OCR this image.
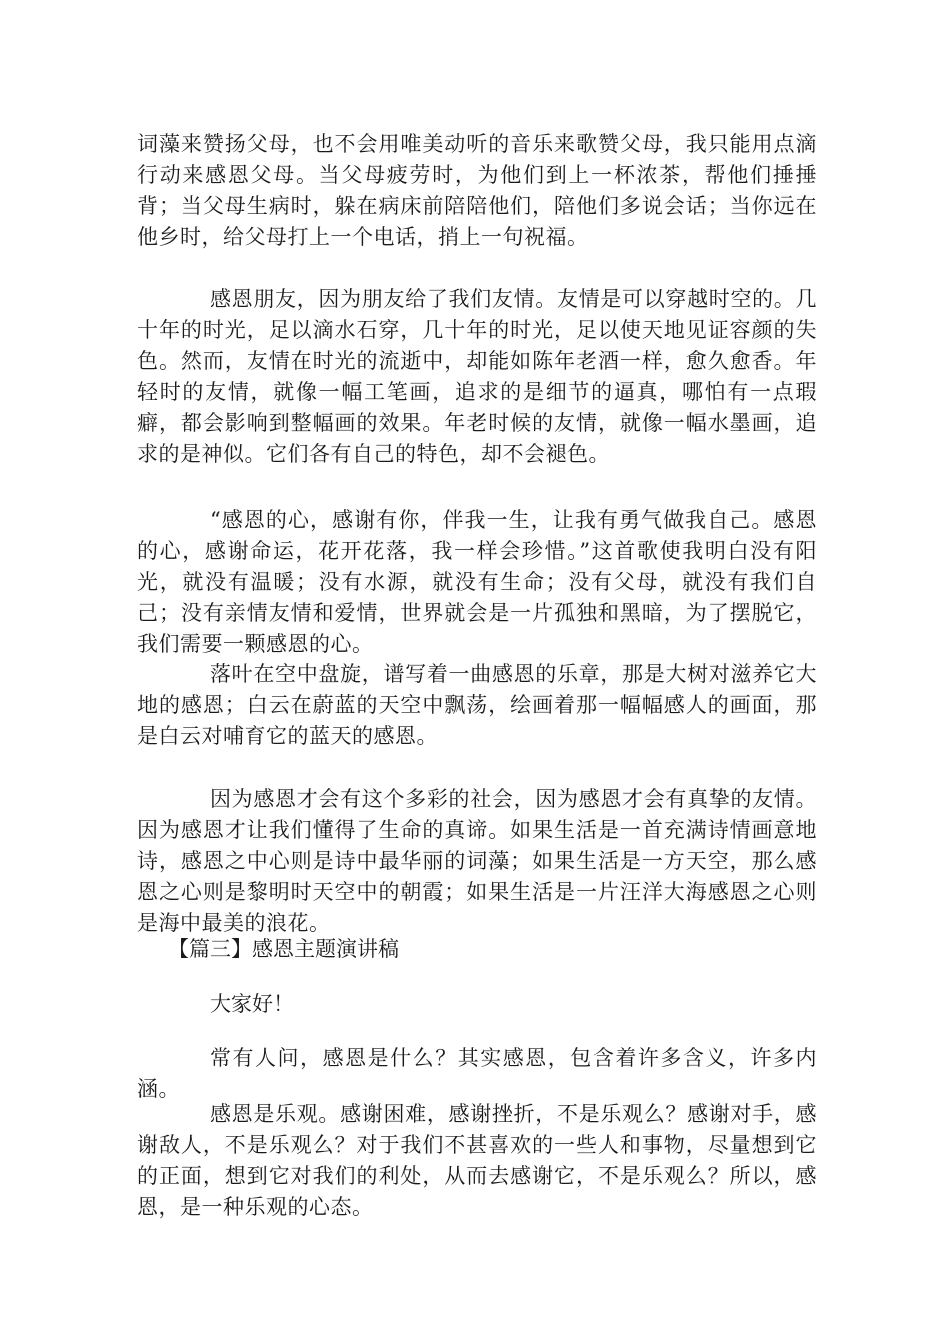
词藻来赞扬父母，也不会用唯美动听的音乐来歌赞父母，我只能用点滴行动来感恩父母。当父母疲劳时，为他们到上一杯浓茶，帮他们捶捶背；当父母生病时，躲在病床前陪陪他们，陪他们多说会话；当你远在他乡时，给父母打上一个电话，捎上一句祝福。

感恩朋友，因为朋友给了我们友情。友情是可以穿越时空的。几十年的时光，足以滴水石穿，几十年的时光，足以使天地见证容颜的失色。然而，友情在时光的流逝中，却能如陈年老酒一样，愈久愈香。年轻时的友情，就像一幅工笔画，追求的是细节的逼真，哪怕有一点瑕癖，都会影响到整幅画的效果。年老时候的友情，就像一幅水墨画，追求的是神似。它们各有自己的特色，却不会褪色。

“感恩的心，感谢有你，伴我一生，让我有勇气做我自己。感恩的心，感谢命运，花开花落，我一样会珍惜。”这首歌使我明白没有阳光，就没有温暖；没有水源，就没有生命；没有父母，就没有我们自己；没有亲情友情和爱情，世界就会是一片孤独和黑暗，为了摆脱它，我们需要一颗感恩的心。

落叶在空中盘旋，谱写着一曲感恩的乐章，那是大树对滋养它大地的感恩；白云在蔚蓝的天空中飘荡，绘画着那一幅幅感人的画面，那是白云对哺育它的蓝天的感恩。

因为感恩才会有这个多彩的社会，因为感恩才会有真挚的友情。因为感恩才让我们懂得了生命的真谛。如果生活是一首充满诗情画意地诗，感恩之中心则是诗中最华丽的词藻；如果生活是一方天空，那么感恩之心则是黎明时天空中的朝霞；如果生活是一片汪洋大海感恩之心则是海中最美的浪花。

【篇三】感恩主题演讲稿

大家好！

常有人问，感恩是什么？其实感恩，包含着许多含义，许多内涵。

感恩是乐观。感谢困难，感谢挫折，不是乐观么？感谢对手，感谢敌人，不是乐观么？对于我们不甚喜欢的一些人和事物，尽量想到它的正面，想到它对我们的利处，从而去感谢它，不是乐观么？所以，感恩，是一种乐观的心态。
